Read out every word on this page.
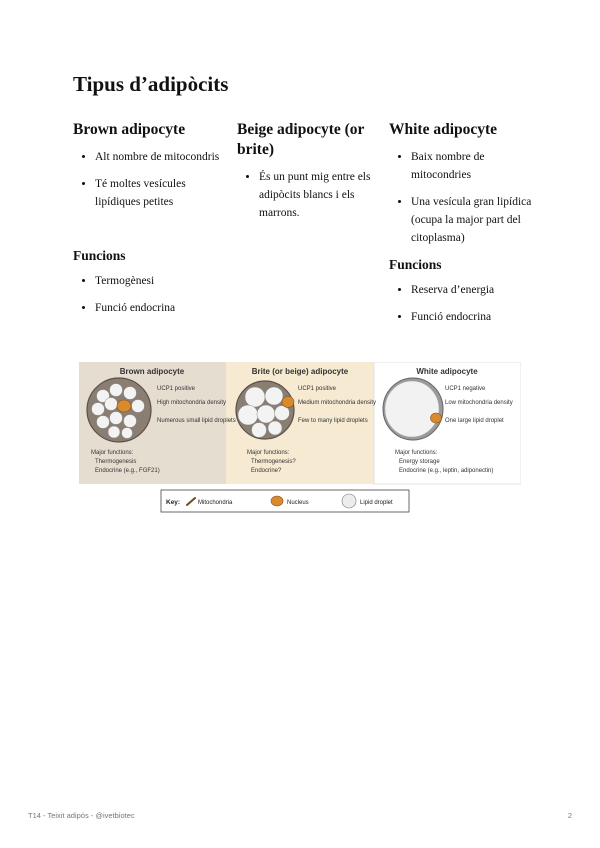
Tipus d’adipòcits
Brown adipocyte
• Alt nombre de mitocondris
• Té moltes vesícules lipídiques petites
Funcions
• Termogènesi
• Funció endocrina
Beige adipocyte (or brite)
• És un punt mig entre els adipòcits blancs i els marrons.
White adipocyte
• Baix nombre de mitocondries
• Una vesícula gran lipídica (ocupa la major part del citoplasma)
Funcions
• Reserva d’energia
• Funció endocrina
Brown adipocyte	Brite (or beige) adipocyte	White adipocyte
UCP1 positive
High mitochondria density
Numerous small lipid droplets
Major functions:
Thermogenesis
Endocrine (e.g., FGF21)
UCP1 positive
Medium mitochondria density
Few to many lipid droplets
Major functions:
Thermogenesis?
Endocrine?
UCP1 negative
Low mitochondria density
One large lipid droplet
Major functions:
Energy storage
Endocrine (e.g., leptin, adiponectin)
Key:	Mitochondria	Nucleus	Lipid droplet
T14 - Teixit adipós - @ivetbiotec	2
